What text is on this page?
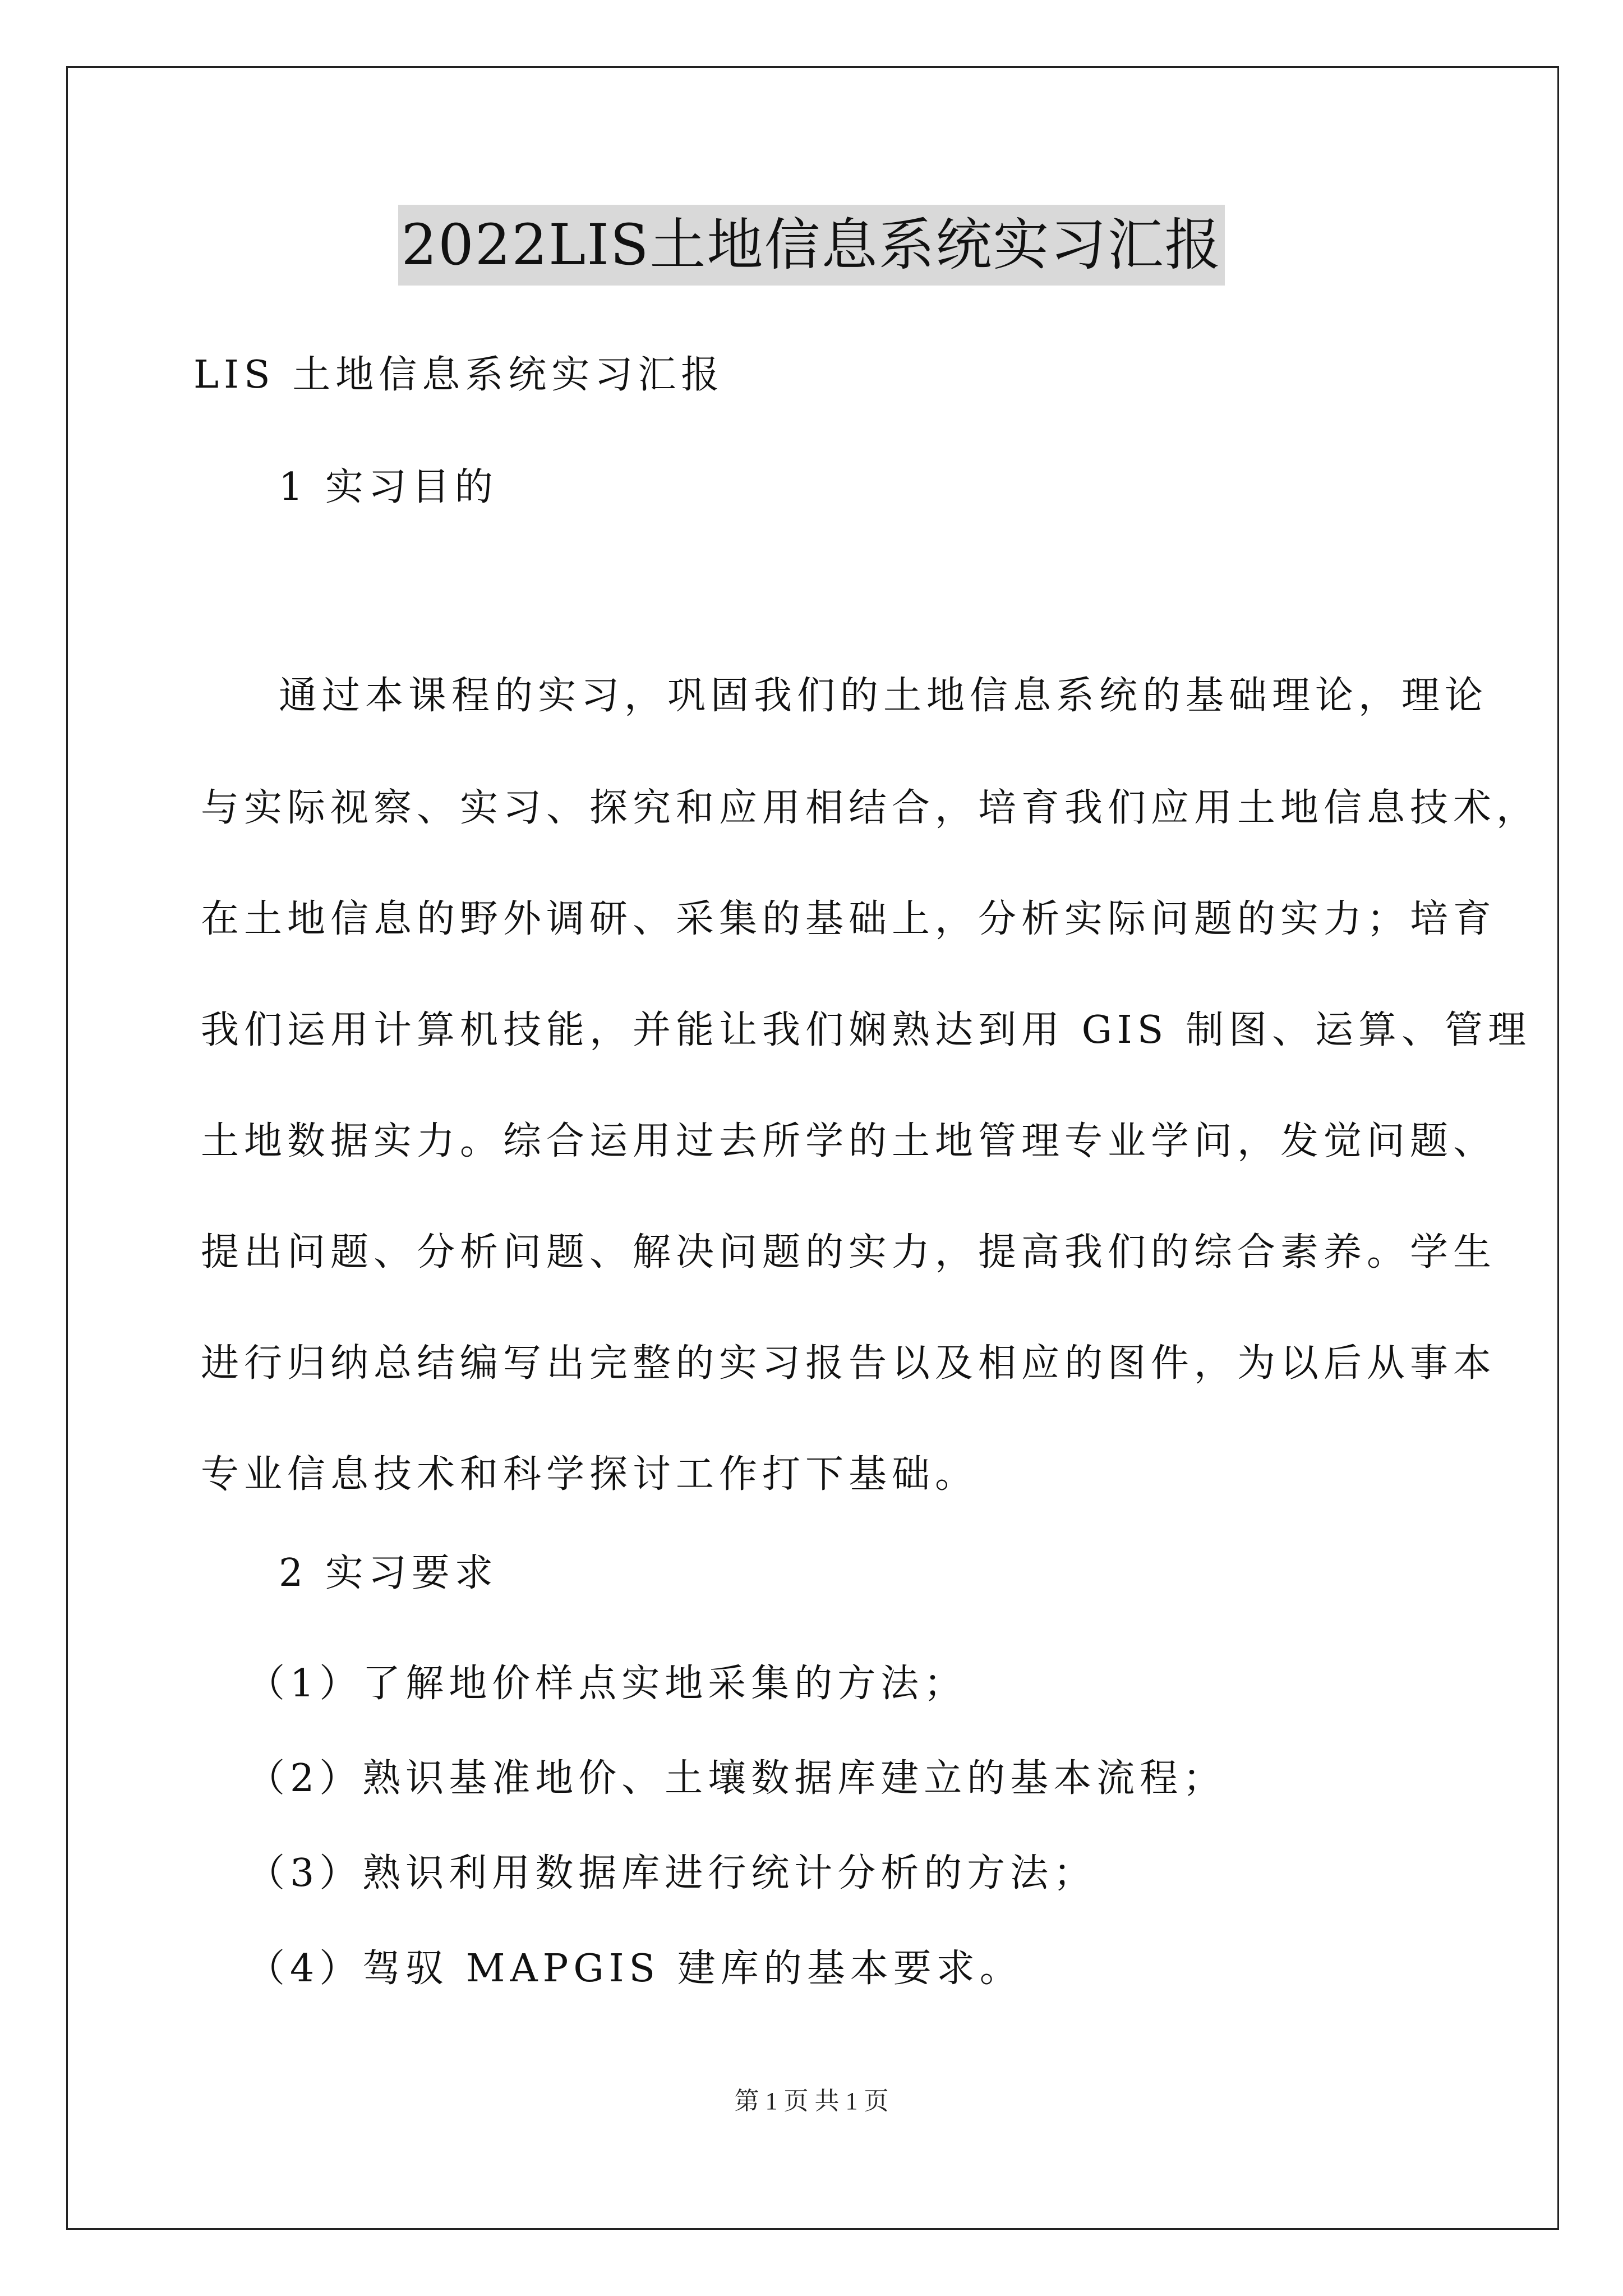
2022LIS土地信息系统实习汇报
LIS 土地信息系统实习汇报
1 实习目的
通过本课程的实习，巩固我们的土地信息系统的基础理论，理论
与实际视察、实习、探究和应用相结合，培育我们应用土地信息技术，
在土地信息的野外调研、采集的基础上，分析实际问题的实力；培育
我们运用计算机技能，并能让我们娴熟达到用 GIS 制图、运算、管理
土地数据实力。综合运用过去所学的土地管理专业学问，发觉问题、
提出问题、分析问题、解决问题的实力，提高我们的综合素养。学生
进行归纳总结编写出完整的实习报告以及相应的图件，为以后从事本
专业信息技术和科学探讨工作打下基础。
2 实习要求
（1）了解地价样点实地采集的方法；
（2）熟识基准地价、土壤数据库建立的基本流程；
（3）熟识利用数据库进行统计分析的方法；
（4）驾驭 MAPGIS 建库的基本要求。
第 1 页 共 1 页
